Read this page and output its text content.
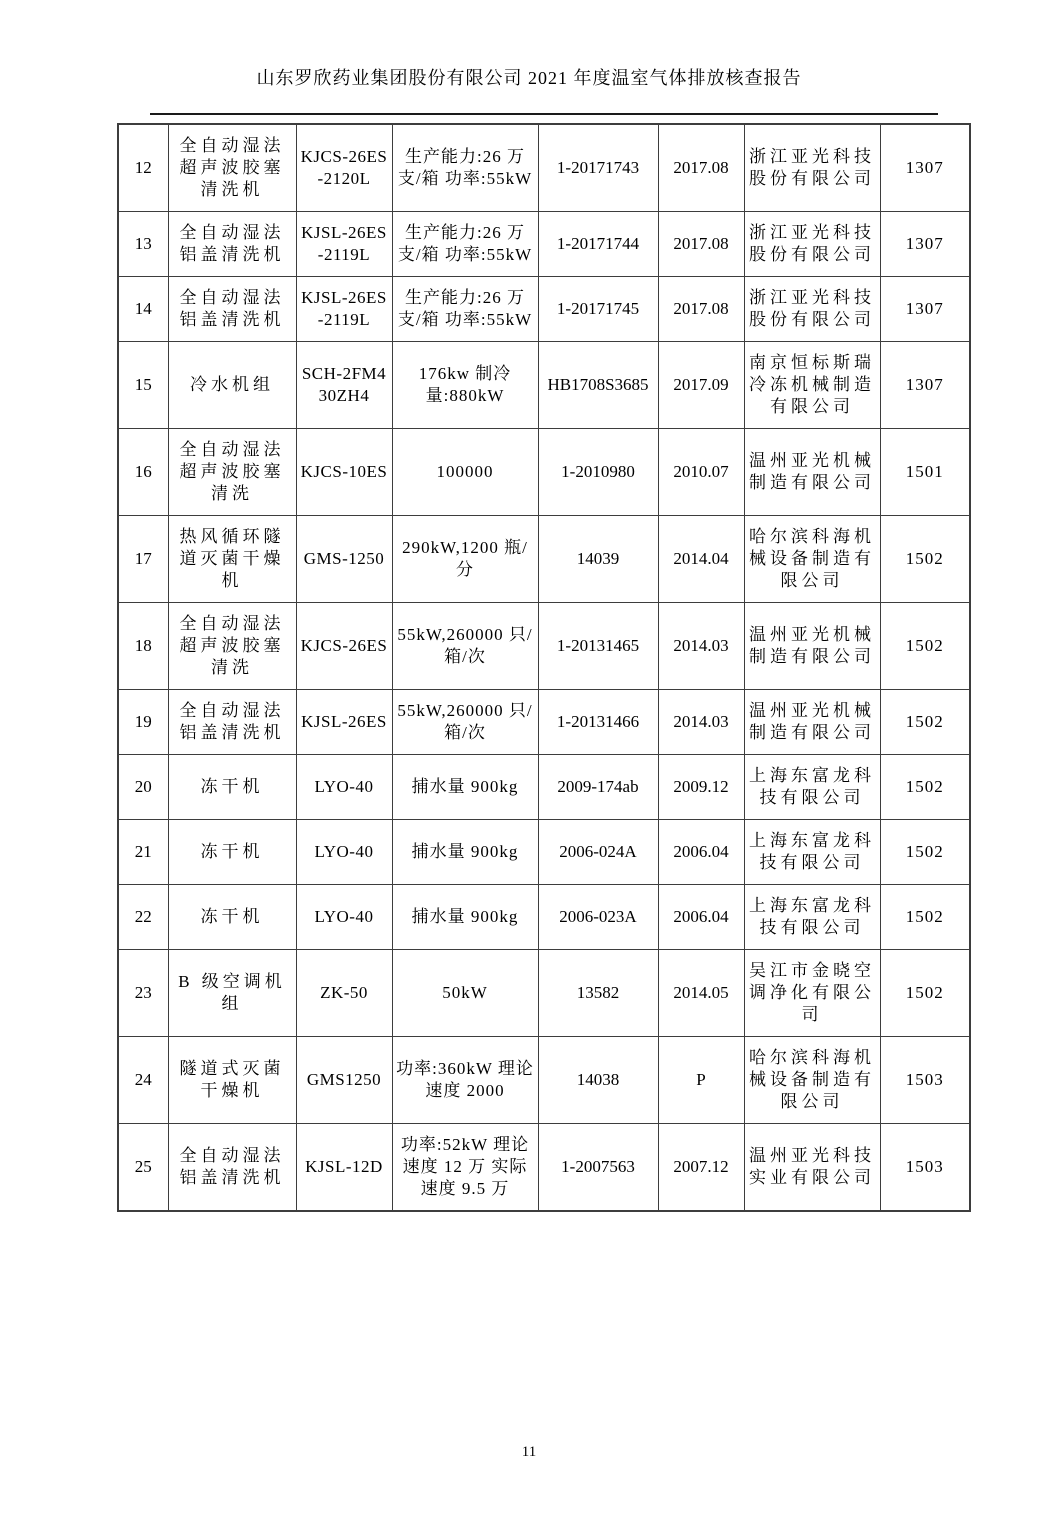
山东罗欣药业集团股份有限公司 2021 年度温室气体排放核查报告
12	全自动湿法超声波胶塞清洗机	KJCS-26ES-2120L	生产能力:26 万支/箱 功率:55kW	1-20171743	2017.08	浙江亚光科技股份有限公司	1307
13	全自动湿法铝盖清洗机	KJSL-26ES-2119L	生产能力:26 万支/箱 功率:55kW	1-20171744	2017.08	浙江亚光科技股份有限公司	1307
14	全自动湿法铝盖清洗机	KJSL-26ES-2119L	生产能力:26 万支/箱 功率:55kW	1-20171745	2017.08	浙江亚光科技股份有限公司	1307
15	冷水机组	SCH-2FM430ZH4	176kw 制冷量:880kW	HB1708S3685	2017.09	南京恒标斯瑞冷冻机械制造有限公司	1307
16	全自动湿法超声波胶塞清洗	KJCS-10ES	100000	1-2010980	2010.07	温州亚光机械制造有限公司	1501
17	热风循环隧道灭菌干燥机	GMS-1250	290kW,1200 瓶/分	14039	2014.04	哈尔滨科海机械设备制造有限公司	1502
18	全自动湿法超声波胶塞清洗	KJCS-26ES	55kW,260000 只/箱/次	1-20131465	2014.03	温州亚光机械制造有限公司	1502
19	全自动湿法铝盖清洗机	KJSL-26ES	55kW,260000 只/箱/次	1-20131466	2014.03	温州亚光机械制造有限公司	1502
20	冻干机	LYO-40	捕水量 900kg	2009-174ab	2009.12	上海东富龙科技有限公司	1502
21	冻干机	LYO-40	捕水量 900kg	2006-024A	2006.04	上海东富龙科技有限公司	1502
22	冻干机	LYO-40	捕水量 900kg	2006-023A	2006.04	上海东富龙科技有限公司	1502
23	B 级空调机组	ZK-50	50kW	13582	2014.05	吴江市金晓空调净化有限公司	1502
24	隧道式灭菌干燥机	GMS1250	功率:360kW 理论速度 2000	14038	P	哈尔滨科海机械设备制造有限公司	1503
25	全自动湿法铝盖清洗机	KJSL-12D	功率:52kW 理论速度 12 万 实际速度 9.5 万	1-2007563	2007.12	温州亚光科技实业有限公司	1503
11
